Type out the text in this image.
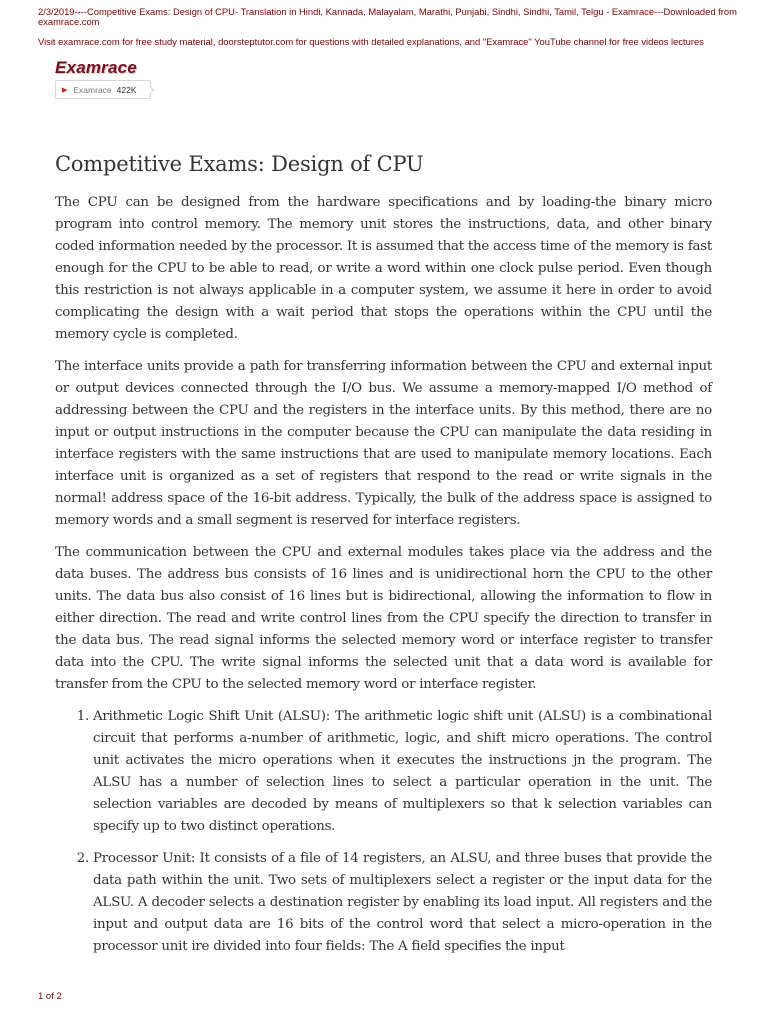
2/3/2019----Competitive Exams: Design of CPU- Translation in Hindi, Kannada, Malayalam, Marathi, Punjabi, Sindhi, Sindhi, Tamil, Telgu - Examrace---Downloaded from examrace.com

Visit examrace.com for free study material, doorsteptutor.com for questions with detailed explanations, and "Examrace" YouTube channel for free videos lectures

Examrace
▶ Examrace 422K
Competitive Exams: Design of CPU

The CPU can be designed from the hardware specifications and by loading-the binary micro program into control memory. The memory unit stores the instructions, data, and other binary coded information needed by the processor. It is assumed that the access time of the memory is fast enough for the CPU to be able to read, or write a word within one clock pulse period. Even though this restriction is not always applicable in a computer system, we assume it here in order to avoid complicating the design with a wait period that stops the operations within the CPU until the memory cycle is completed.

The interface units provide a path for transferring information between the CPU and external input or output devices connected through the I/O bus. We assume a memory-mapped I/O method of addressing between the CPU and the registers in the interface units. By this method, there are no input or output instructions in the computer because the CPU can manipulate the data residing in interface registers with the same instructions that are used to manipulate memory locations. Each interface unit is organized as a set of registers that respond to the read or write signals in the normal! address space of the 16-bit address. Typically, the bulk of the address space is assigned to memory words and a small segment is reserved for interface registers.

The communication between the CPU and external modules takes place via the address and the data buses. The address bus consists of 16 lines and is unidirectional horn the CPU to the other units. The data bus also consist of 16 lines but is bidirectional, allowing the information to flow in either direction. The read and write control lines from the CPU specify the direction to transfer in the data bus. The read signal informs the selected memory word or interface register to transfer data into the CPU. The write signal informs the selected unit that a data word is available for transfer from the CPU to the selected memory word or interface register.

1. Arithmetic Logic Shift Unit (ALSU): The arithmetic logic shift unit (ALSU) is a combinational circuit that performs a-number of arithmetic, logic, and shift micro operations. The control unit activates the micro operations when it executes the instructions jn the program. The ALSU has a number of selection lines to select a particular operation in the unit. The selection variables are decoded by means of multiplexers so that k selection variables can specify up to two distinct operations.
2. Processor Unit: It consists of a file of 14 registers, an ALSU, and three buses that provide the data path within the unit. Two sets of multiplexers select a register or the input data for the ALSU. A decoder selects a destination register by enabling its load input. All registers and the input and output data are 16 bits of the control word that select a micro-operation in the processor unit ire divided into four fields: The A field specifies the input
1 of 2
